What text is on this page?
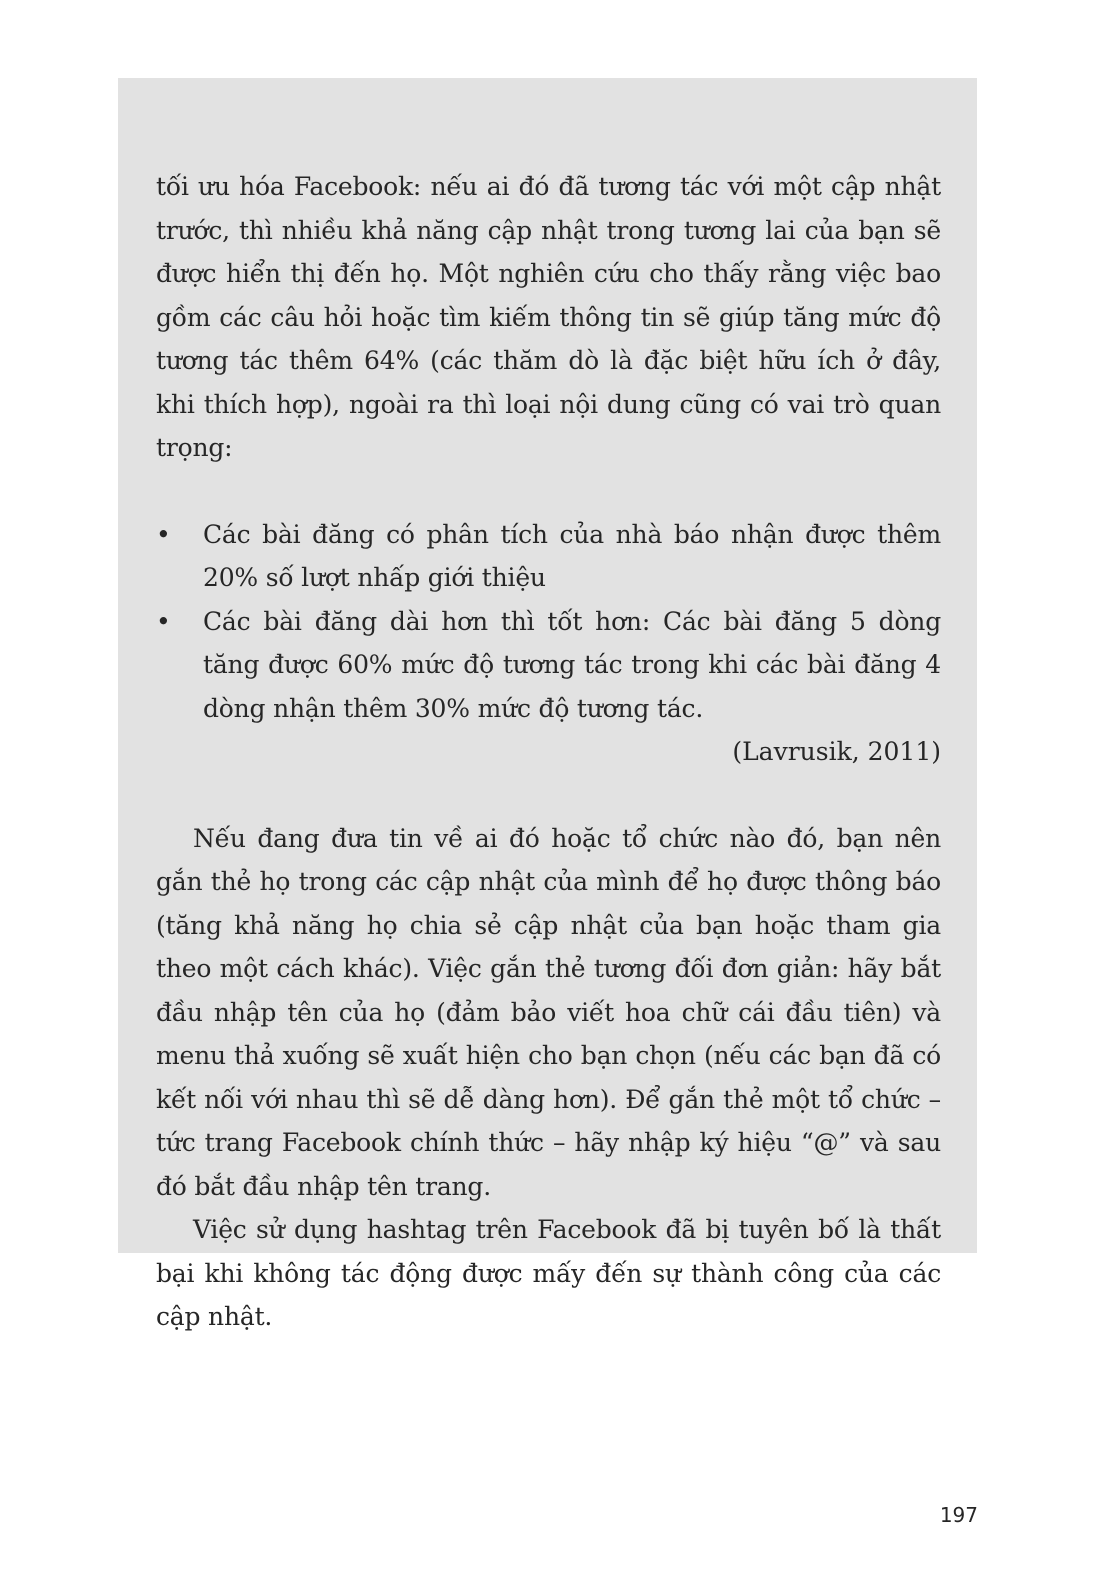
tối ưu hóa Facebook: nếu ai đó đã tương tác với một cập nhật trước, thì nhiều khả năng cập nhật trong tương lai của bạn sẽ được hiển thị đến họ. Một nghiên cứu cho thấy rằng việc bao gồm các câu hỏi hoặc tìm kiếm thông tin sẽ giúp tăng mức độ tương tác thêm 64% (các thăm dò là đặc biệt hữu ích ở đây, khi thích hợp), ngoài ra thì loại nội dung cũng có vai trò quan trọng:

• Các bài đăng có phân tích của nhà báo nhận được thêm 20% số lượt nhấp giới thiệu
• Các bài đăng dài hơn thì tốt hơn: Các bài đăng 5 dòng tăng được 60% mức độ tương tác trong khi các bài đăng 4 dòng nhận thêm 30% mức độ tương tác.

(Lavrusik, 2011)

Nếu đang đưa tin về ai đó hoặc tổ chức nào đó, bạn nên gắn thẻ họ trong các cập nhật của mình để họ được thông báo (tăng khả năng họ chia sẻ cập nhật của bạn hoặc tham gia theo một cách khác). Việc gắn thẻ tương đối đơn giản: hãy bắt đầu nhập tên của họ (đảm bảo viết hoa chữ cái đầu tiên) và menu thả xuống sẽ xuất hiện cho bạn chọn (nếu các bạn đã có kết nối với nhau thì sẽ dễ dàng hơn). Để gắn thẻ một tổ chức – tức trang Facebook chính thức – hãy nhập ký hiệu “@” và sau đó bắt đầu nhập tên trang.

Việc sử dụng hashtag trên Facebook đã bị tuyên bố là thất bại khi không tác động được mấy đến sự thành công của các cập nhật.

197
